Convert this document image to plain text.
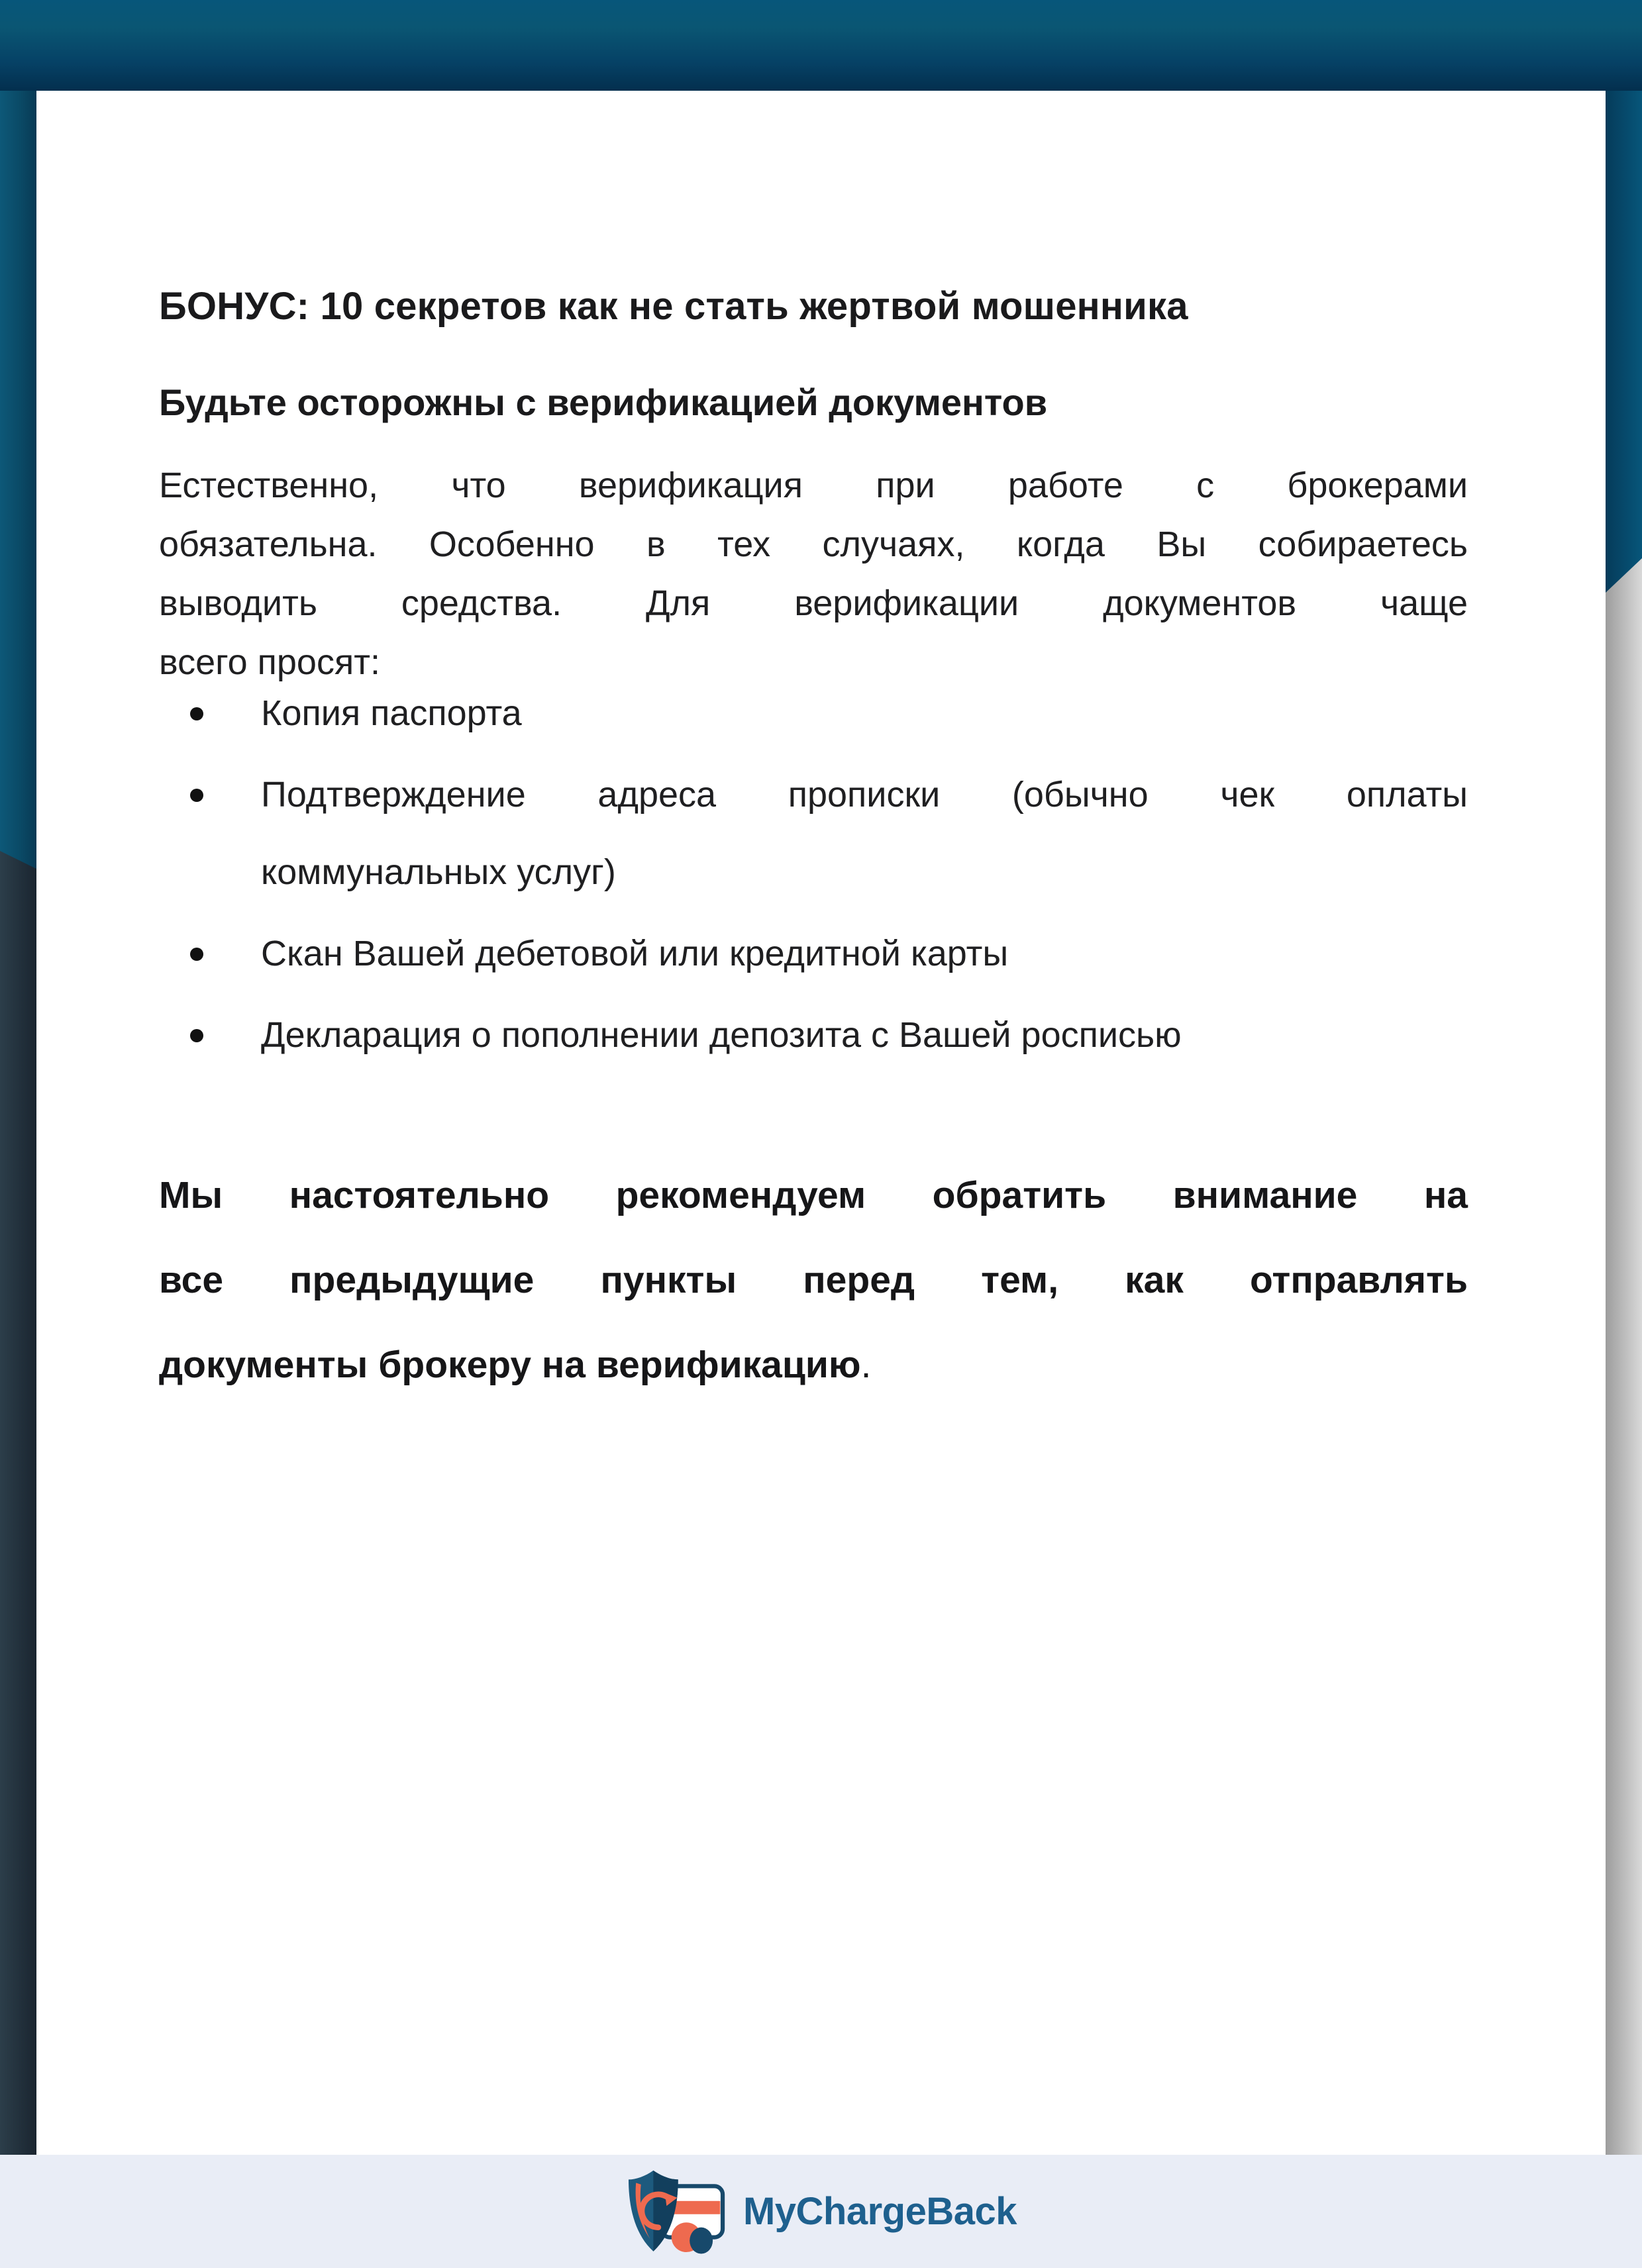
БОНУС: 10 секретов как не стать жертвой мошенника
Будьте осторожны с верификацией документов
Естественно, что верификация при работе с брокерами
обязательна. Особенно в тех случаях, когда Вы собираетесь
выводить средства. Для верификации документов чаще
всего просят:
Копия паспорта
Подтверждение адреса прописки (обычно чек оплаты
коммунальных услуг)
Скан Вашей дебетовой или кредитной карты
Декларация о пополнении депозита с Вашей росписью
Мы настоятельно рекомендуем обратить внимание на
все предыдущие пункты перед тем, как отправлять
документы брокеру на верификацию.
MyChargeBack
